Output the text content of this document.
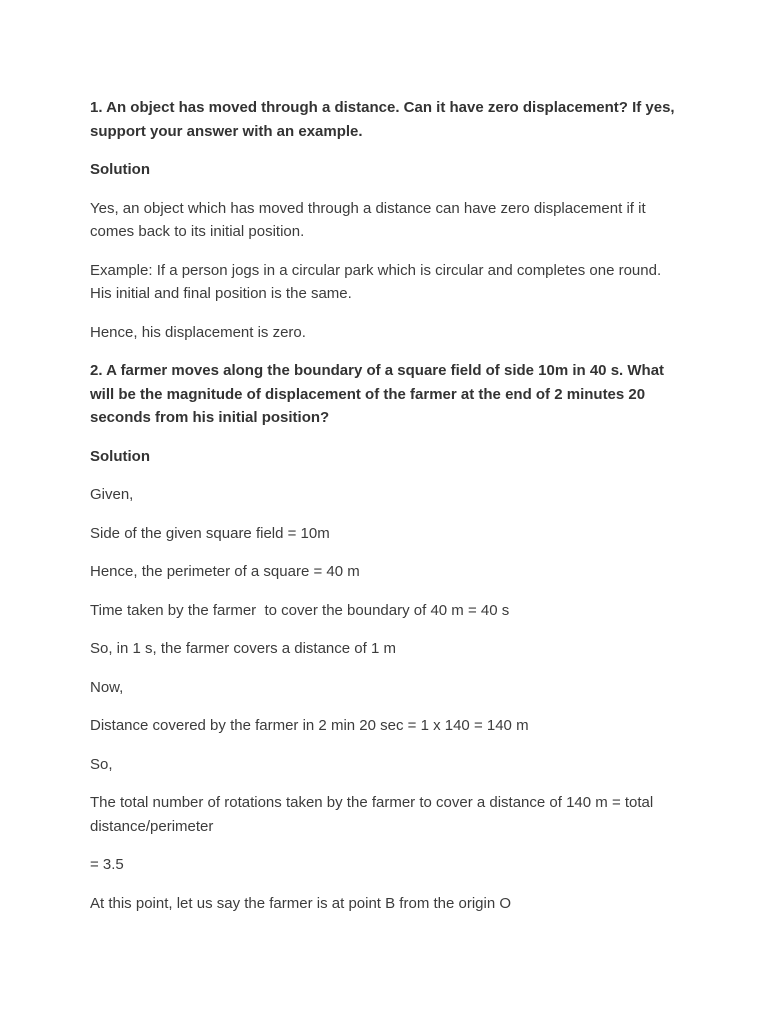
1. An object has moved through a distance. Can it have zero displacement? If yes, support your answer with an example.

Solution

Yes, an object which has moved through a distance can have zero displacement if it comes back to its initial position.

Example: If a person jogs in a circular park which is circular and completes one round. His initial and final position is the same.

Hence, his displacement is zero.

2. A farmer moves along the boundary of a square field of side 10m in 40 s. What will be the magnitude of displacement of the farmer at the end of 2 minutes 20 seconds from his initial position?

Solution

Given,

Side of the given square field = 10m

Hence, the perimeter of a square = 40 m

Time taken by the farmer  to cover the boundary of 40 m = 40 s

So, in 1 s, the farmer covers a distance of 1 m

Now,

Distance covered by the farmer in 2 min 20 sec = 1 x 140 = 140 m

So,

The total number of rotations taken by the farmer to cover a distance of 140 m = total distance/perimeter

= 3.5

At this point, let us say the farmer is at point B from the origin O
